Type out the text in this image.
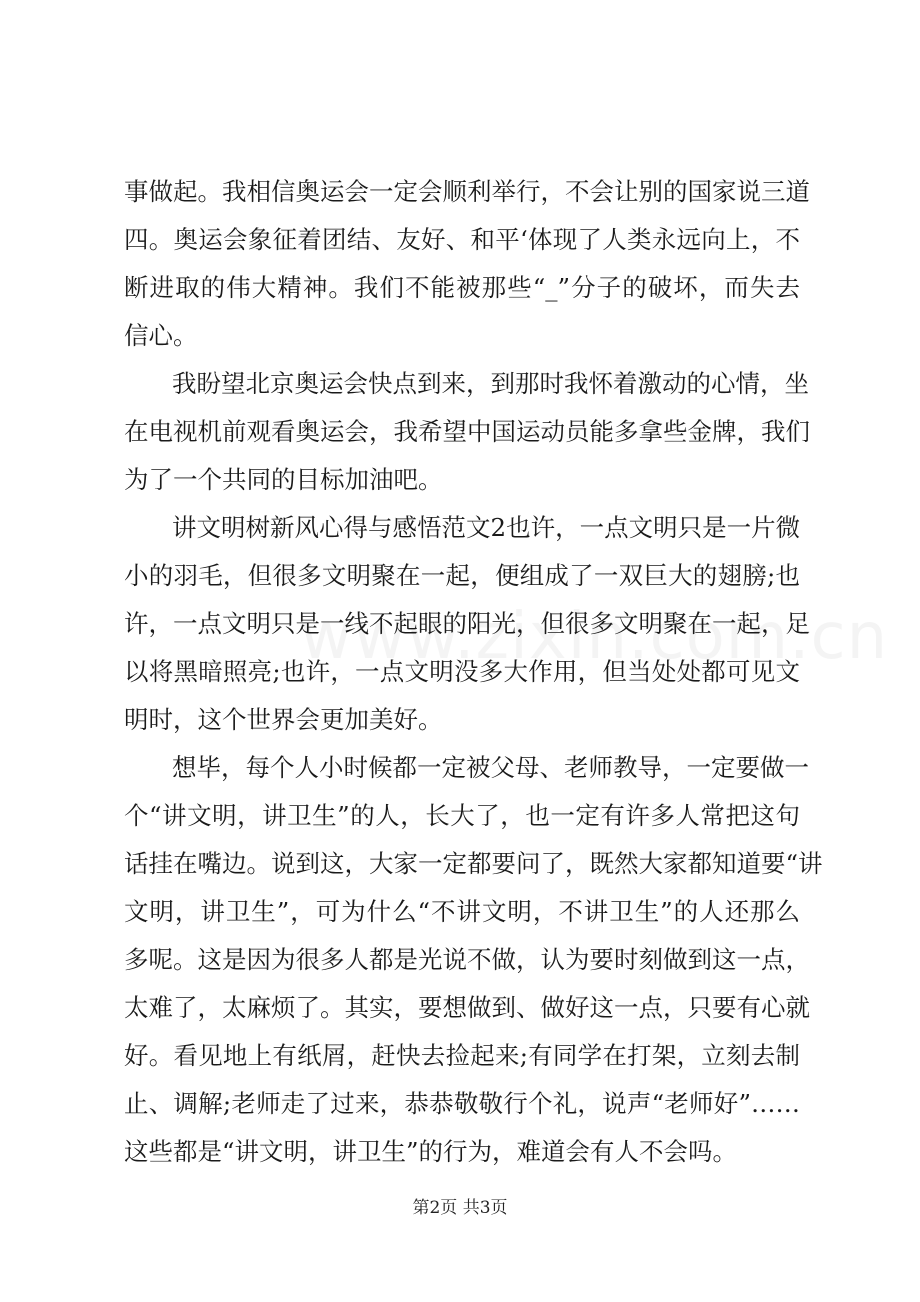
事做起。我相信奥运会一定会顺利举行，不会让别的国家说三道
四。奥运会象征着团结、友好、和平‘体现了人类永远向上，不
断进取的伟大精神。我们不能被那些“_”分子的破坏，而失去
信心。
我盼望北京奥运会快点到来，到那时我怀着激动的心情，坐
在电视机前观看奥运会，我希望中国运动员能多拿些金牌，我们
为了一个共同的目标加油吧。
讲文明树新风心得与感悟范文2也许，一点文明只是一片微
小的羽毛，但很多文明聚在一起，便组成了一双巨大的翅膀;也
许，一点文明只是一线不起眼的阳光，但很多文明聚在一起，足
以将黑暗照亮;也许，一点文明没多大作用，但当处处都可见文
明时，这个世界会更加美好。
想毕，每个人小时候都一定被父母、老师教导，一定要做一
个“讲文明，讲卫生”的人，长大了，也一定有许多人常把这句
话挂在嘴边。说到这，大家一定都要问了，既然大家都知道要“讲
文明，讲卫生”，可为什么“不讲文明，不讲卫生”的人还那么
多呢。这是因为很多人都是光说不做，认为要时刻做到这一点，
太难了，太麻烦了。其实，要想做到、做好这一点，只要有心就
好。看见地上有纸屑，赶快去捡起来;有同学在打架，立刻去制
止、调解;老师走了过来，恭恭敬敬行个礼，说声“老师好”……
这些都是“讲文明，讲卫生”的行为，难道会有人不会吗。
第2页 共3页
